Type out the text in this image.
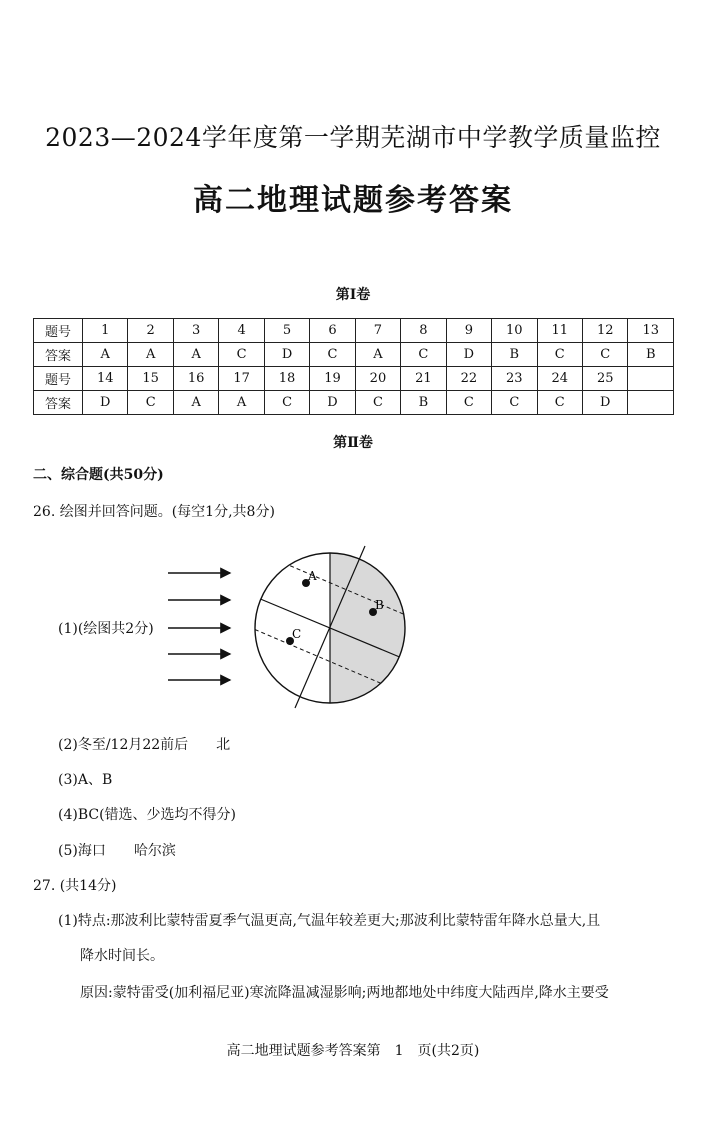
2023—2024学年度第一学期芜湖市中学教学质量监控
高二地理试题参考答案
第Ⅰ卷
题号	1	2	3	4	5	6	7	8	9	10	11	12	13
答案	A	A	A	C	D	C	A	C	D	B	C	C	B
题号	14	15	16	17	18	19	20	21	22	23	24	25	
答案	D	C	A	A	C	D	C	B	C	C	C	D	
第Ⅱ卷
二、综合题(共50分)
26. 绘图并回答问题。(每空1分,共8分)
(1)(绘图共2分)
A
B
C
(2)冬至/12月22前后　　北
(3)A、B
(4)BC(错选、少选均不得分)
(5)海口　　哈尔滨
27. (共14分)
(1)特点:那波利比蒙特雷夏季气温更高,气温年较差更大;那波利比蒙特雷年降水总量大,且
降水时间长。
原因:蒙特雷受(加利福尼亚)寒流降温减湿影响;两地都地处中纬度大陆西岸,降水主要受
高二地理试题参考答案第　1　页(共2页)
